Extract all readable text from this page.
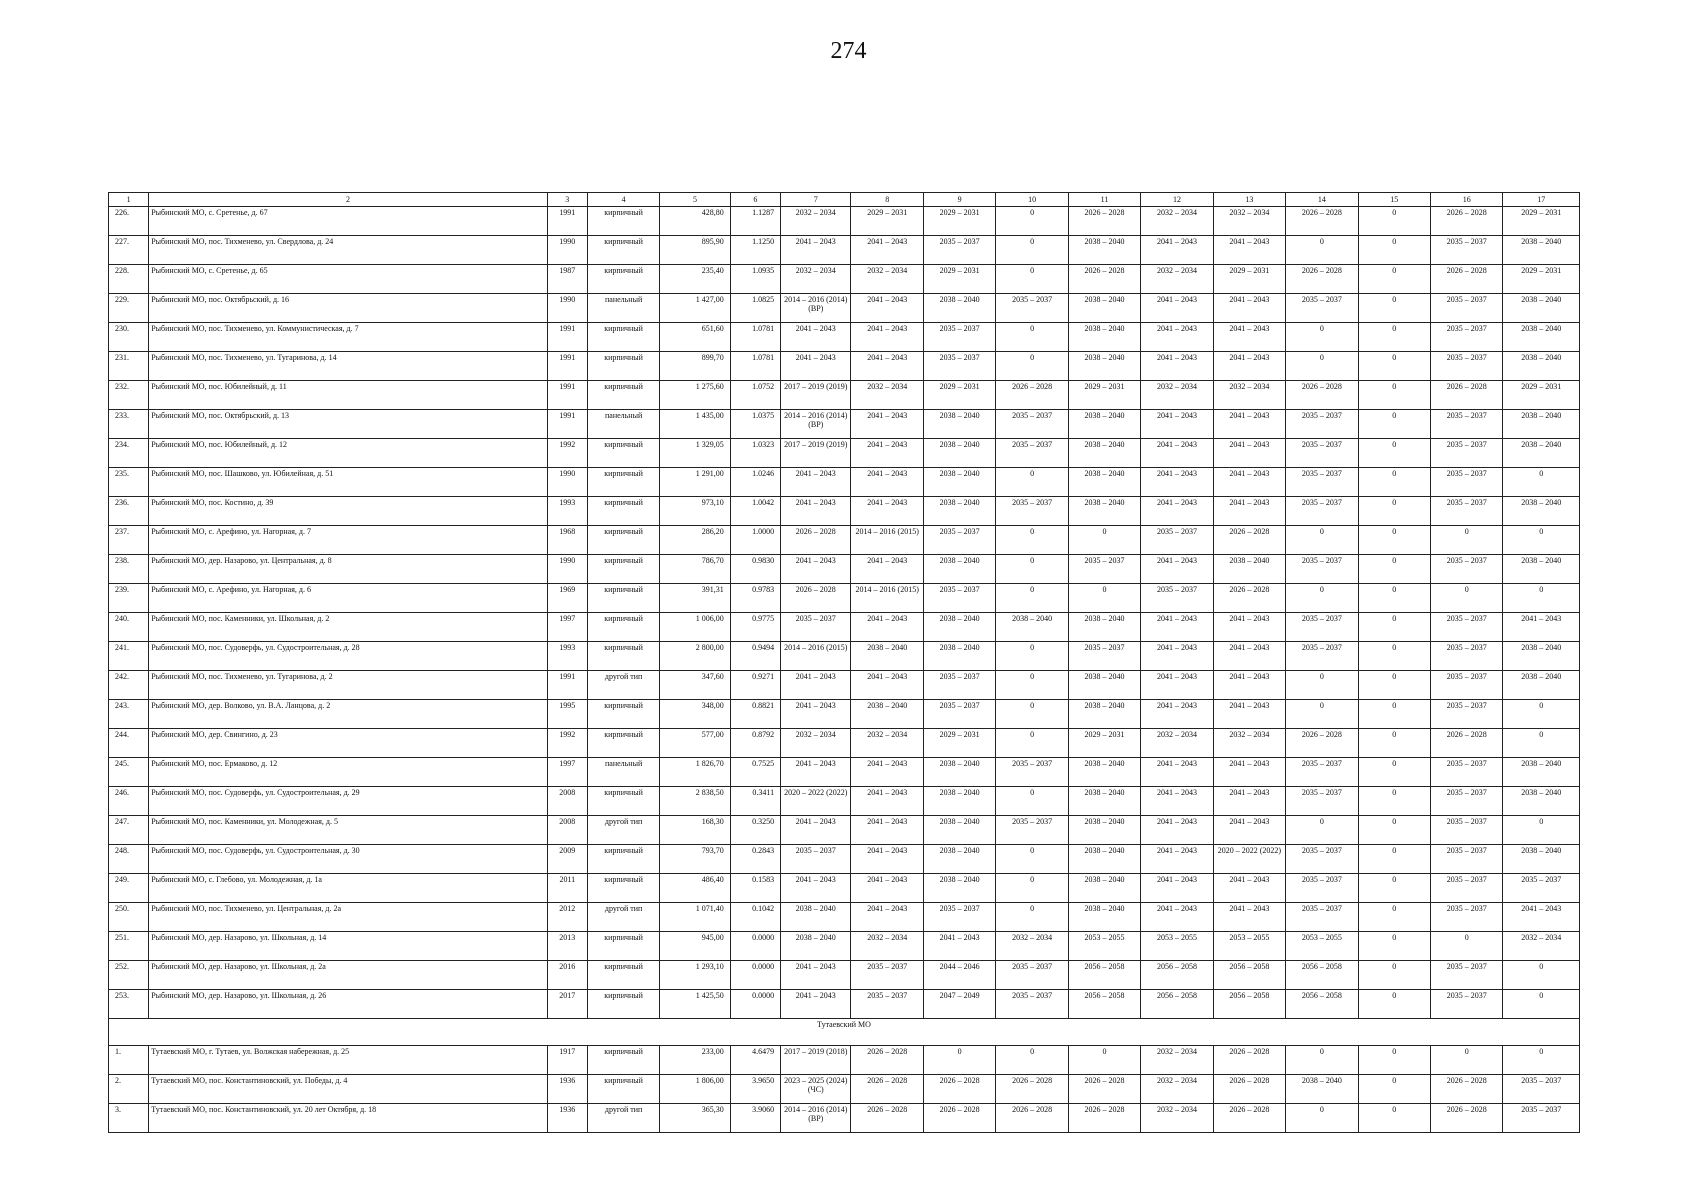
274
1	2	3	4	5	6	7	8	9	10	11	12	13	14	15	16	17
226.	Рыбинский МО, с. Сретенье, д. 67	1991	кирпичный	428,80	1.1287	2032 – 2034	2029 – 2031	2029 – 2031	0	2026 – 2028	2032 – 2034	2032 – 2034	2026 – 2028	0	2026 – 2028	2029 – 2031
227.	Рыбинский МО, пос. Тихменево, ул. Свердлова, д. 24	1990	кирпичный	895,90	1.1250	2041 – 2043	2041 – 2043	2035 – 2037	0	2038 – 2040	2041 – 2043	2041 – 2043	0	0	2035 – 2037	2038 – 2040
228.	Рыбинский МО, с. Сретенье, д. 65	1987	кирпичный	235,40	1.0935	2032 – 2034	2032 – 2034	2029 – 2031	0	2026 – 2028	2032 – 2034	2029 – 2031	2026 – 2028	0	2026 – 2028	2029 – 2031
229.	Рыбинский МО, пос. Октябрьский, д. 16	1990	панельный	1 427,00	1.0825	2014 – 2016 (2014) (ВР)	2041 – 2043	2038 – 2040	2035 – 2037	2038 – 2040	2041 – 2043	2041 – 2043	2035 – 2037	0	2035 – 2037	2038 – 2040
230.	Рыбинский МО, пос. Тихменево, ул. Коммунистическая, д. 7	1991	кирпичный	651,60	1.0781	2041 – 2043	2041 – 2043	2035 – 2037	0	2038 – 2040	2041 – 2043	2041 – 2043	0	0	2035 – 2037	2038 – 2040
231.	Рыбинский МО, пос. Тихменево, ул. Тугаринова, д. 14	1991	кирпичный	899,70	1.0781	2041 – 2043	2041 – 2043	2035 – 2037	0	2038 – 2040	2041 – 2043	2041 – 2043	0	0	2035 – 2037	2038 – 2040
232.	Рыбинский МО, пос. Юбилейный, д. 11	1991	кирпичный	1 275,60	1.0752	2017 – 2019 (2019)	2032 – 2034	2029 – 2031	2026 – 2028	2029 – 2031	2032 – 2034	2032 – 2034	2026 – 2028	0	2026 – 2028	2029 – 2031
233.	Рыбинский МО, пос. Октябрьский, д. 13	1991	панельный	1 435,00	1.0375	2014 – 2016 (2014) (ВР)	2041 – 2043	2038 – 2040	2035 – 2037	2038 – 2040	2041 – 2043	2041 – 2043	2035 – 2037	0	2035 – 2037	2038 – 2040
234.	Рыбинский МО, пос. Юбилейный, д. 12	1992	кирпичный	1 329,05	1.0323	2017 – 2019 (2019)	2041 – 2043	2038 – 2040	2035 – 2037	2038 – 2040	2041 – 2043	2041 – 2043	2035 – 2037	0	2035 – 2037	2038 – 2040
235.	Рыбинский МО, пос. Шашково, ул. Юбилейная, д. 51	1990	кирпичный	1 291,00	1.0246	2041 – 2043	2041 – 2043	2038 – 2040	0	2038 – 2040	2041 – 2043	2041 – 2043	2035 – 2037	0	2035 – 2037	0
236.	Рыбинский МО, пос. Костино, д. 39	1993	кирпичный	973,10	1.0042	2041 – 2043	2041 – 2043	2038 – 2040	2035 – 2037	2038 – 2040	2041 – 2043	2041 – 2043	2035 – 2037	0	2035 – 2037	2038 – 2040
237.	Рыбинский МО, с. Арефино, ул. Нагорная, д. 7	1968	кирпичный	286,20	1.0000	2026 – 2028	2014 – 2016 (2015)	2035 – 2037	0	0	2035 – 2037	2026 – 2028	0	0	0	0
238.	Рыбинский МО, дер. Назарово, ул. Центральная, д. 8	1990	кирпичный	786,70	0.9830	2041 – 2043	2041 – 2043	2038 – 2040	0	2035 – 2037	2041 – 2043	2038 – 2040	2035 – 2037	0	2035 – 2037	2038 – 2040
239.	Рыбинский МО, с. Арефино, ул. Нагорная, д. 6	1969	кирпичный	391,31	0.9783	2026 – 2028	2014 – 2016 (2015)	2035 – 2037	0	0	2035 – 2037	2026 – 2028	0	0	0	0
240.	Рыбинский МО, пос. Каменники, ул. Школьная, д. 2	1997	кирпичный	1 006,00	0.9775	2035 – 2037	2041 – 2043	2038 – 2040	2038 – 2040	2038 – 2040	2041 – 2043	2041 – 2043	2035 – 2037	0	2035 – 2037	2041 – 2043
241.	Рыбинский МО, пос. Судоверфь, ул. Судостроительная, д. 28	1993	кирпичный	2 800,00	0.9494	2014 – 2016 (2015)	2038 – 2040	2038 – 2040	0	2035 – 2037	2041 – 2043	2041 – 2043	2035 – 2037	0	2035 – 2037	2038 – 2040
242.	Рыбинский МО, пос. Тихменево, ул. Тугаринова, д. 2	1991	другой тип	347,60	0.9271	2041 – 2043	2041 – 2043	2035 – 2037	0	2038 – 2040	2041 – 2043	2041 – 2043	0	0	2035 – 2037	2038 – 2040
243.	Рыбинский МО, дер. Волково, ул. В.А. Ланцова, д. 2	1995	кирпичный	348,00	0.8821	2041 – 2043	2038 – 2040	2035 – 2037	0	2038 – 2040	2041 – 2043	2041 – 2043	0	0	2035 – 2037	0
244.	Рыбинский МО, дер. Свингино, д. 23	1992	кирпичный	577,00	0.8792	2032 – 2034	2032 – 2034	2029 – 2031	0	2029 – 2031	2032 – 2034	2032 – 2034	2026 – 2028	0	2026 – 2028	0
245.	Рыбинский МО, пос. Ермаково, д. 12	1997	панельный	1 826,70	0.7525	2041 – 2043	2041 – 2043	2038 – 2040	2035 – 2037	2038 – 2040	2041 – 2043	2041 – 2043	2035 – 2037	0	2035 – 2037	2038 – 2040
246.	Рыбинский МО, пос. Судоверфь, ул. Судостроительная, д. 29	2008	кирпичный	2 838,50	0.3411	2020 – 2022 (2022)	2041 – 2043	2038 – 2040	0	2038 – 2040	2041 – 2043	2041 – 2043	2035 – 2037	0	2035 – 2037	2038 – 2040
247.	Рыбинский МО, пос. Каменники, ул. Молодежная, д. 5	2008	другой тип	168,30	0.3250	2041 – 2043	2041 – 2043	2038 – 2040	2035 – 2037	2038 – 2040	2041 – 2043	2041 – 2043	0	0	2035 – 2037	0
248.	Рыбинский МО, пос. Судоверфь, ул. Судостроительная, д. 30	2009	кирпичный	793,70	0.2843	2035 – 2037	2041 – 2043	2038 – 2040	0	2038 – 2040	2041 – 2043	2020 – 2022 (2022)	2035 – 2037	0	2035 – 2037	2038 – 2040
249.	Рыбинский МО, с. Глебово, ул. Молодежная, д. 1а	2011	кирпичный	486,40	0.1583	2041 – 2043	2041 – 2043	2038 – 2040	0	2038 – 2040	2041 – 2043	2041 – 2043	2035 – 2037	0	2035 – 2037	2035 – 2037
250.	Рыбинский МО, пос. Тихменево, ул. Центральная, д. 2а	2012	другой тип	1 071,40	0.1042	2038 – 2040	2041 – 2043	2035 – 2037	0	2038 – 2040	2041 – 2043	2041 – 2043	2035 – 2037	0	2035 – 2037	2041 – 2043
251.	Рыбинский МО, дер. Назарово, ул. Школьная, д. 14	2013	кирпичный	945,00	0.0000	2038 – 2040	2032 – 2034	2041 – 2043	2032 – 2034	2053 – 2055	2053 – 2055	2053 – 2055	2053 – 2055	0	0	2032 – 2034
252.	Рыбинский МО, дер. Назарово, ул. Школьная, д. 2а	2016	кирпичный	1 293,10	0.0000	2041 – 2043	2035 – 2037	2044 – 2046	2035 – 2037	2056 – 2058	2056 – 2058	2056 – 2058	2056 – 2058	0	2035 – 2037	0
253.	Рыбинский МО, дер. Назарово, ул. Школьная, д. 26	2017	кирпичный	1 425,50	0.0000	2041 – 2043	2035 – 2037	2047 – 2049	2035 – 2037	2056 – 2058	2056 – 2058	2056 – 2058	2056 – 2058	0	2035 – 2037	0
Тутаевский МО																
1.	Тутаевский МО, г. Тутаев, ул. Волжская набережная, д. 25	1917	кирпичный	233,00	4.6479	2017 – 2019 (2018)	2026 – 2028	0	0	0	2032 – 2034	2026 – 2028	0	0	0	0
2.	Тутаевский МО, пос. Константиновский, ул. Победы, д. 4	1936	кирпичный	1 806,00	3.9650	2023 – 2025 (2024) (ЧС)	2026 – 2028	2026 – 2028	2026 – 2028	2026 – 2028	2032 – 2034	2026 – 2028	2038 – 2040	0	2026 – 2028	2035 – 2037
3.	Тутаевский МО, пос. Константиновский, ул. 20 лет Октября, д. 18	1936	другой тип	365,30	3.9060	2014 – 2016 (2014) (ВР)	2026 – 2028	2026 – 2028	2026 – 2028	2026 – 2028	2032 – 2034	2026 – 2028	0	0	2026 – 2028	2035 – 2037
